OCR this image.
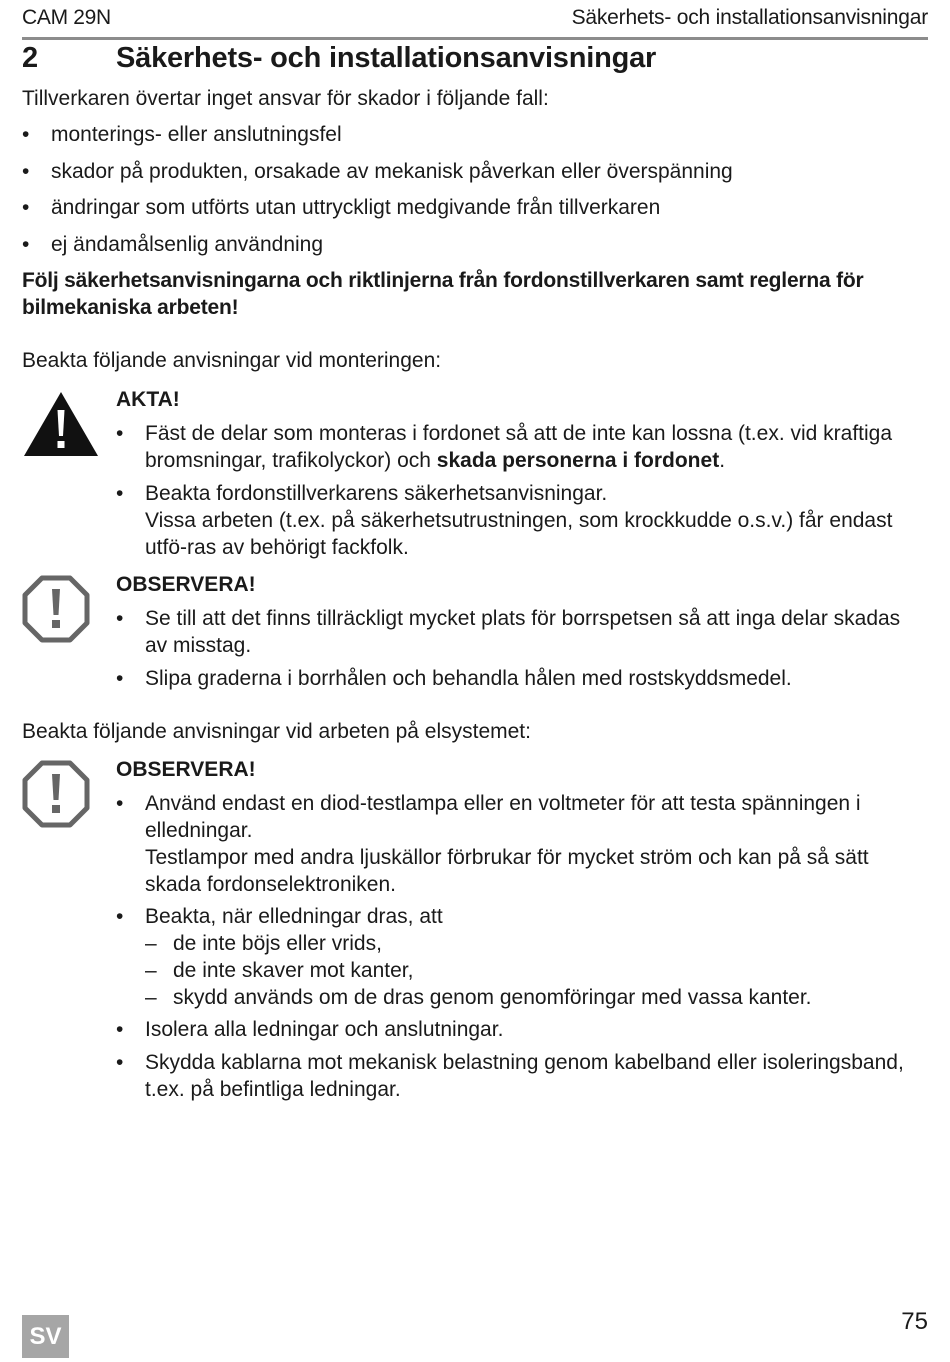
CAM 29N	Säkerhets- och installationsanvisningar
2	Säkerhets- och installationsanvisningar
Tillverkaren övertar inget ansvar för skador i följande fall:
•	monterings- eller anslutningsfel
•	skador på produkten, orsakade av mekanisk påverkan eller överspänning
•	ändringar som utförts utan uttryckligt medgivande från tillverkaren
•	ej ändamålsenlig användning
Följ säkerhetsanvisningarna och riktlinjerna från fordonstillverkaren samt reglerna för bilmekaniska arbeten!
Beakta följande anvisningar vid monteringen:
AKTA!
•	Fäst de delar som monteras i fordonet så att de inte kan lossna (t.ex. vid kraftiga bromsningar, trafikolyckor) och skada personerna i fordonet.
•	Beakta fordonstillverkarens säkerhetsanvisningar.
Vissa arbeten (t.ex. på säkerhetsutrustningen, som krockkudde o.s.v.) får endast utfö-ras av behörigt fackfolk.
OBSERVERA!
•	Se till att det finns tillräckligt mycket plats för borrspetsen så att inga delar skadas av misstag.
•	Slipa graderna i borrhålen och behandla hålen med rostskyddsmedel.
Beakta följande anvisningar vid arbeten på elsystemet:
OBSERVERA!
•	Använd endast en diod-testlampa eller en voltmeter för att testa spänningen i elledningar.
Testlampor med andra ljuskällor förbrukar för mycket ström och kan på så sätt skada fordonselektroniken.
•	Beakta, när elledningar dras, att
– de inte böjs eller vrids,
– de inte skaver mot kanter,
– skydd används om de dras genom genomföringar med vassa kanter.
•	Isolera alla ledningar och anslutningar.
•	Skydda kablarna mot mekanisk belastning genom kabelband eller isoleringsband, t.ex. på befintliga ledningar.
SV
75
